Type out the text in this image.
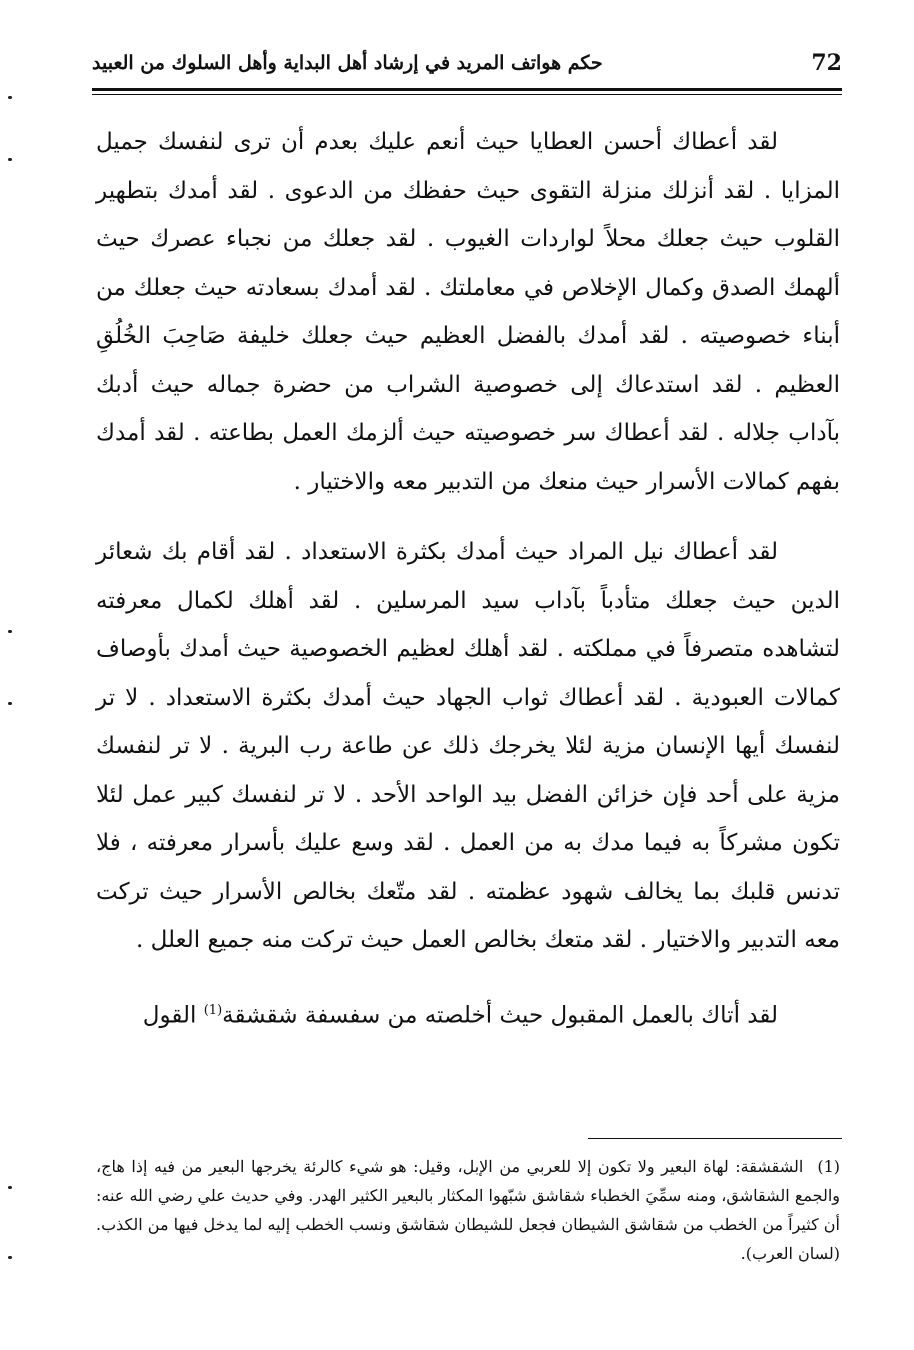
72
حكم هواتف المريد في إرشاد أهل البداية وأهل السلوك من العبيد

لقد أعطاك أحسن العطايا حيث أنعم عليك بعدم أن ترى لنفسك جميل المزايا . لقد أنزلك منزلة التقوى حيث حفظك من الدعوى . لقد أمدك بتطهير القلوب حيث جعلك محلاً لواردات الغيوب . لقد جعلك من نجباء عصرك حيث ألهمك الصدق وكمال الإخلاص في معاملتك . لقد أمدك بسعادته حيث جعلك من أبناء خصوصيته . لقد أمدك بالفضل العظيم حيث جعلك خليفة صَاحِبَ الخُلُقِ العظيم . لقد استدعاك إلى خصوصية الشراب من حضرة جماله حيث أدبك بآداب جلاله . لقد أعطاك سر خصوصيته حيث ألزمك العمل بطاعته . لقد أمدك بفهم كمالات الأسرار حيث منعك من التدبير معه والاختيار .

لقد أعطاك نيل المراد حيث أمدك بكثرة الاستعداد . لقد أقام بك شعائر الدين حيث جعلك متأدباً بآداب سيد المرسلين . لقد أهلك لكمال معرفته لتشاهده متصرفاً في مملكته . لقد أهلك لعظيم الخصوصية حيث أمدك بأوصاف كمالات العبودية . لقد أعطاك ثواب الجهاد حيث أمدك بكثرة الاستعداد . لا تر لنفسك أيها الإنسان مزية لئلا يخرجك ذلك عن طاعة رب البرية . لا تر لنفسك مزية على أحد فإن خزائن الفضل بيد الواحد الأحد . لا تر لنفسك كبير عمل لئلا تكون مشركاً به فيما مدك به من العمل . لقد وسع عليك بأسرار معرفته ، فلا تدنس قلبك بما يخالف شهود عظمته . لقد متّعك بخالص الأسرار حيث تركت معه التدبير والاختيار . لقد متعك بخالص العمل حيث تركت منه جميع العلل .

لقد أتاك بالعمل المقبول حيث أخلصته من سفسفة شقشقة$^{(1)}$ القول

(1)الشقشقة: لهاة البعير ولا تكون إلا للعربي من الإبل، وقيل: هو شيء كالرئة يخرجها البعير من فيه إذا هاج، والجمع الشقاشق، ومنه سمِّيَ الخطباء شقاشق شبّهوا المكثار بالبعير الكثير الهدر. وفي حديث علي رضي الله عنه: أن كثيراً من الخطب من شقاشق الشيطان فجعل للشيطان شقاشق ونسب الخطب إليه لما يدخل فيها من الكذب. (لسان العرب).
